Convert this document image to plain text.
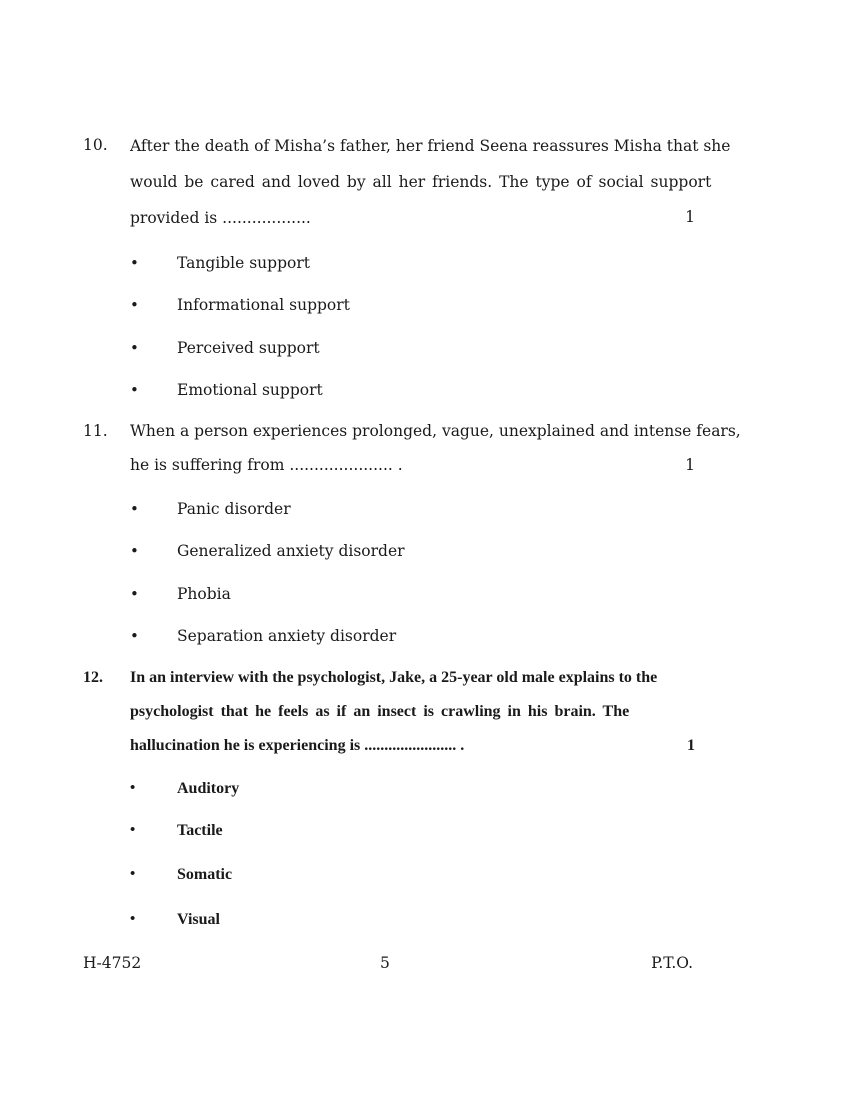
10. After the death of Misha’s father, her friend Seena reassures Misha that she
would be cared and loved by all her friends. The type of social support
provided is ..................	1
• Tangible support
• Informational support
• Perceived support
• Emotional support
11. When a person experiences prolonged, vague, unexplained and intense fears,
he is suffering from ..................... .	1
• Panic disorder
• Generalized anxiety disorder
• Phobia
• Separation anxiety disorder
12. In an interview with the psychologist, Jake, a 25-year old male explains to the
psychologist that he feels as if an insect is crawling in his brain. The
hallucination he is experiencing is ....................... .	1
•	Auditory
•	Tactile
•	Somatic
•	Visual
H-4752	5	P.T.O.
